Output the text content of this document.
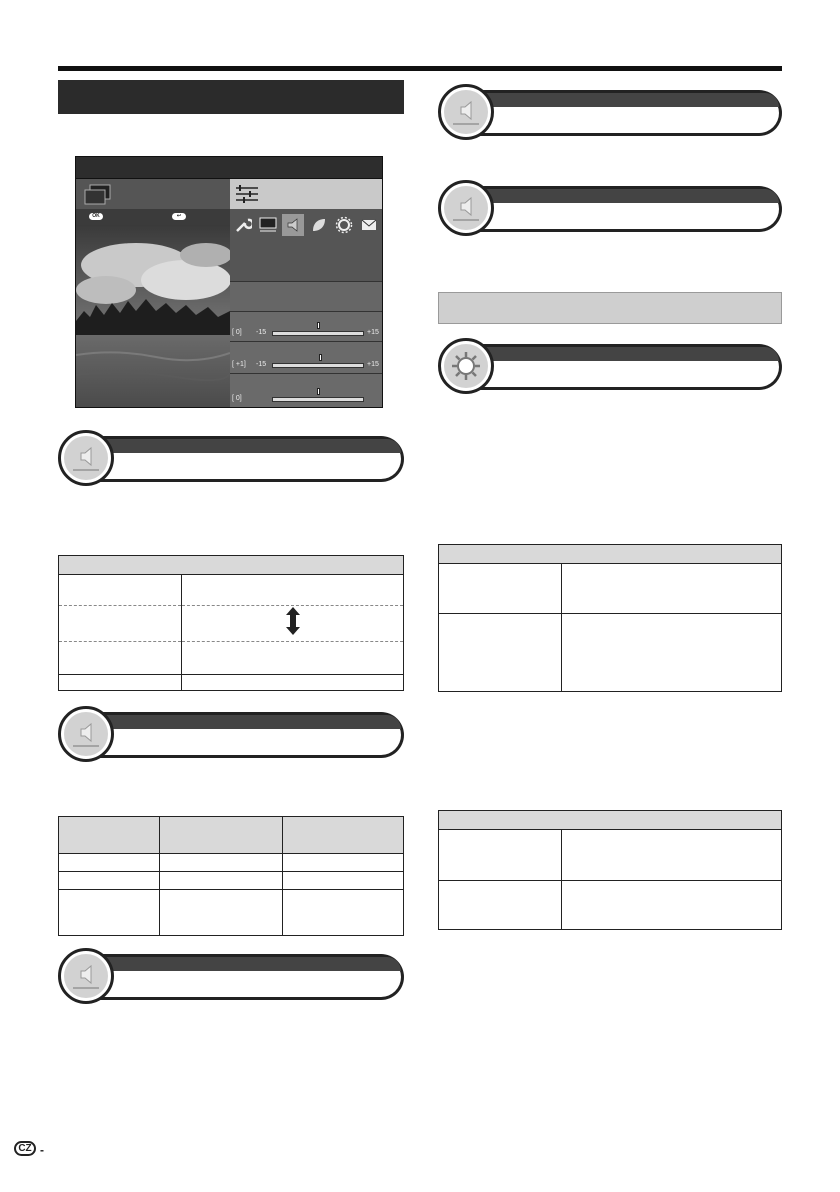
OK	↩
[ 0] -15	+15
[ +1] -15	+15
[ 0]

CZ -
